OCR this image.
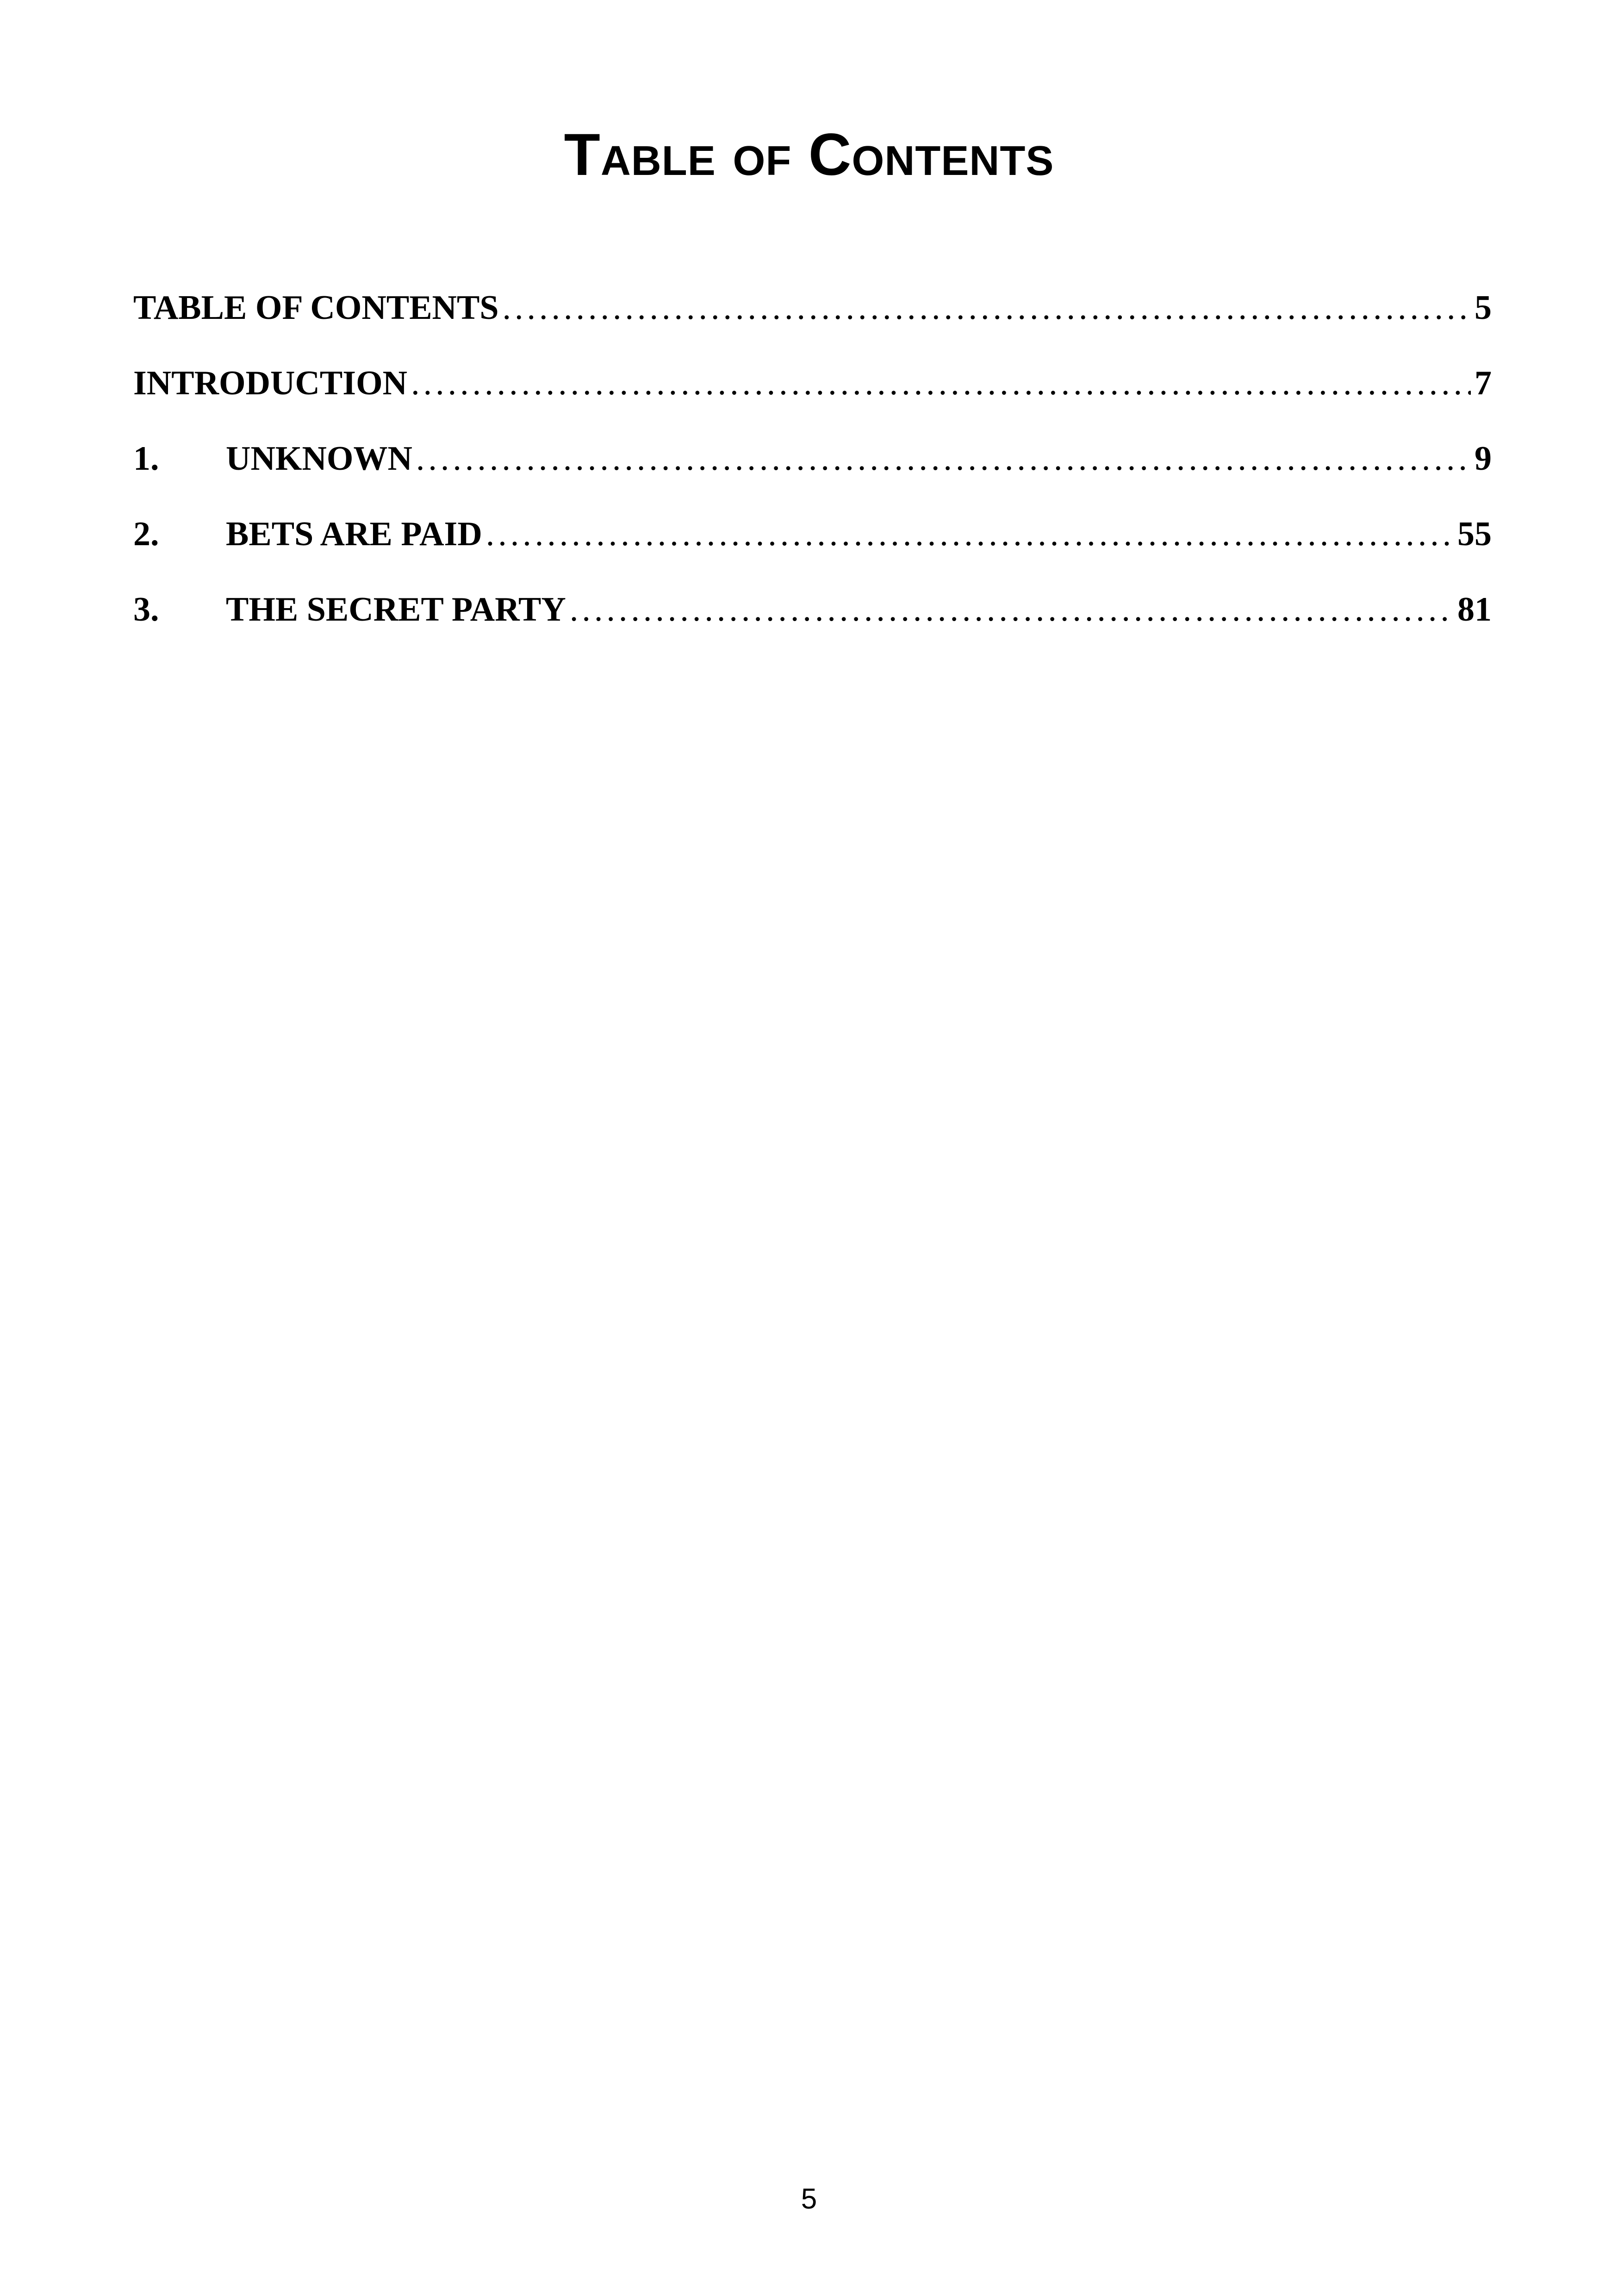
Table of Contents
TABLE OF CONTENTS .....	5
INTRODUCTION .....	7
1.	UNKNOWN .....	9
2.	BETS ARE PAID .....	55
3.	THE SECRET PARTY .....	81
5
